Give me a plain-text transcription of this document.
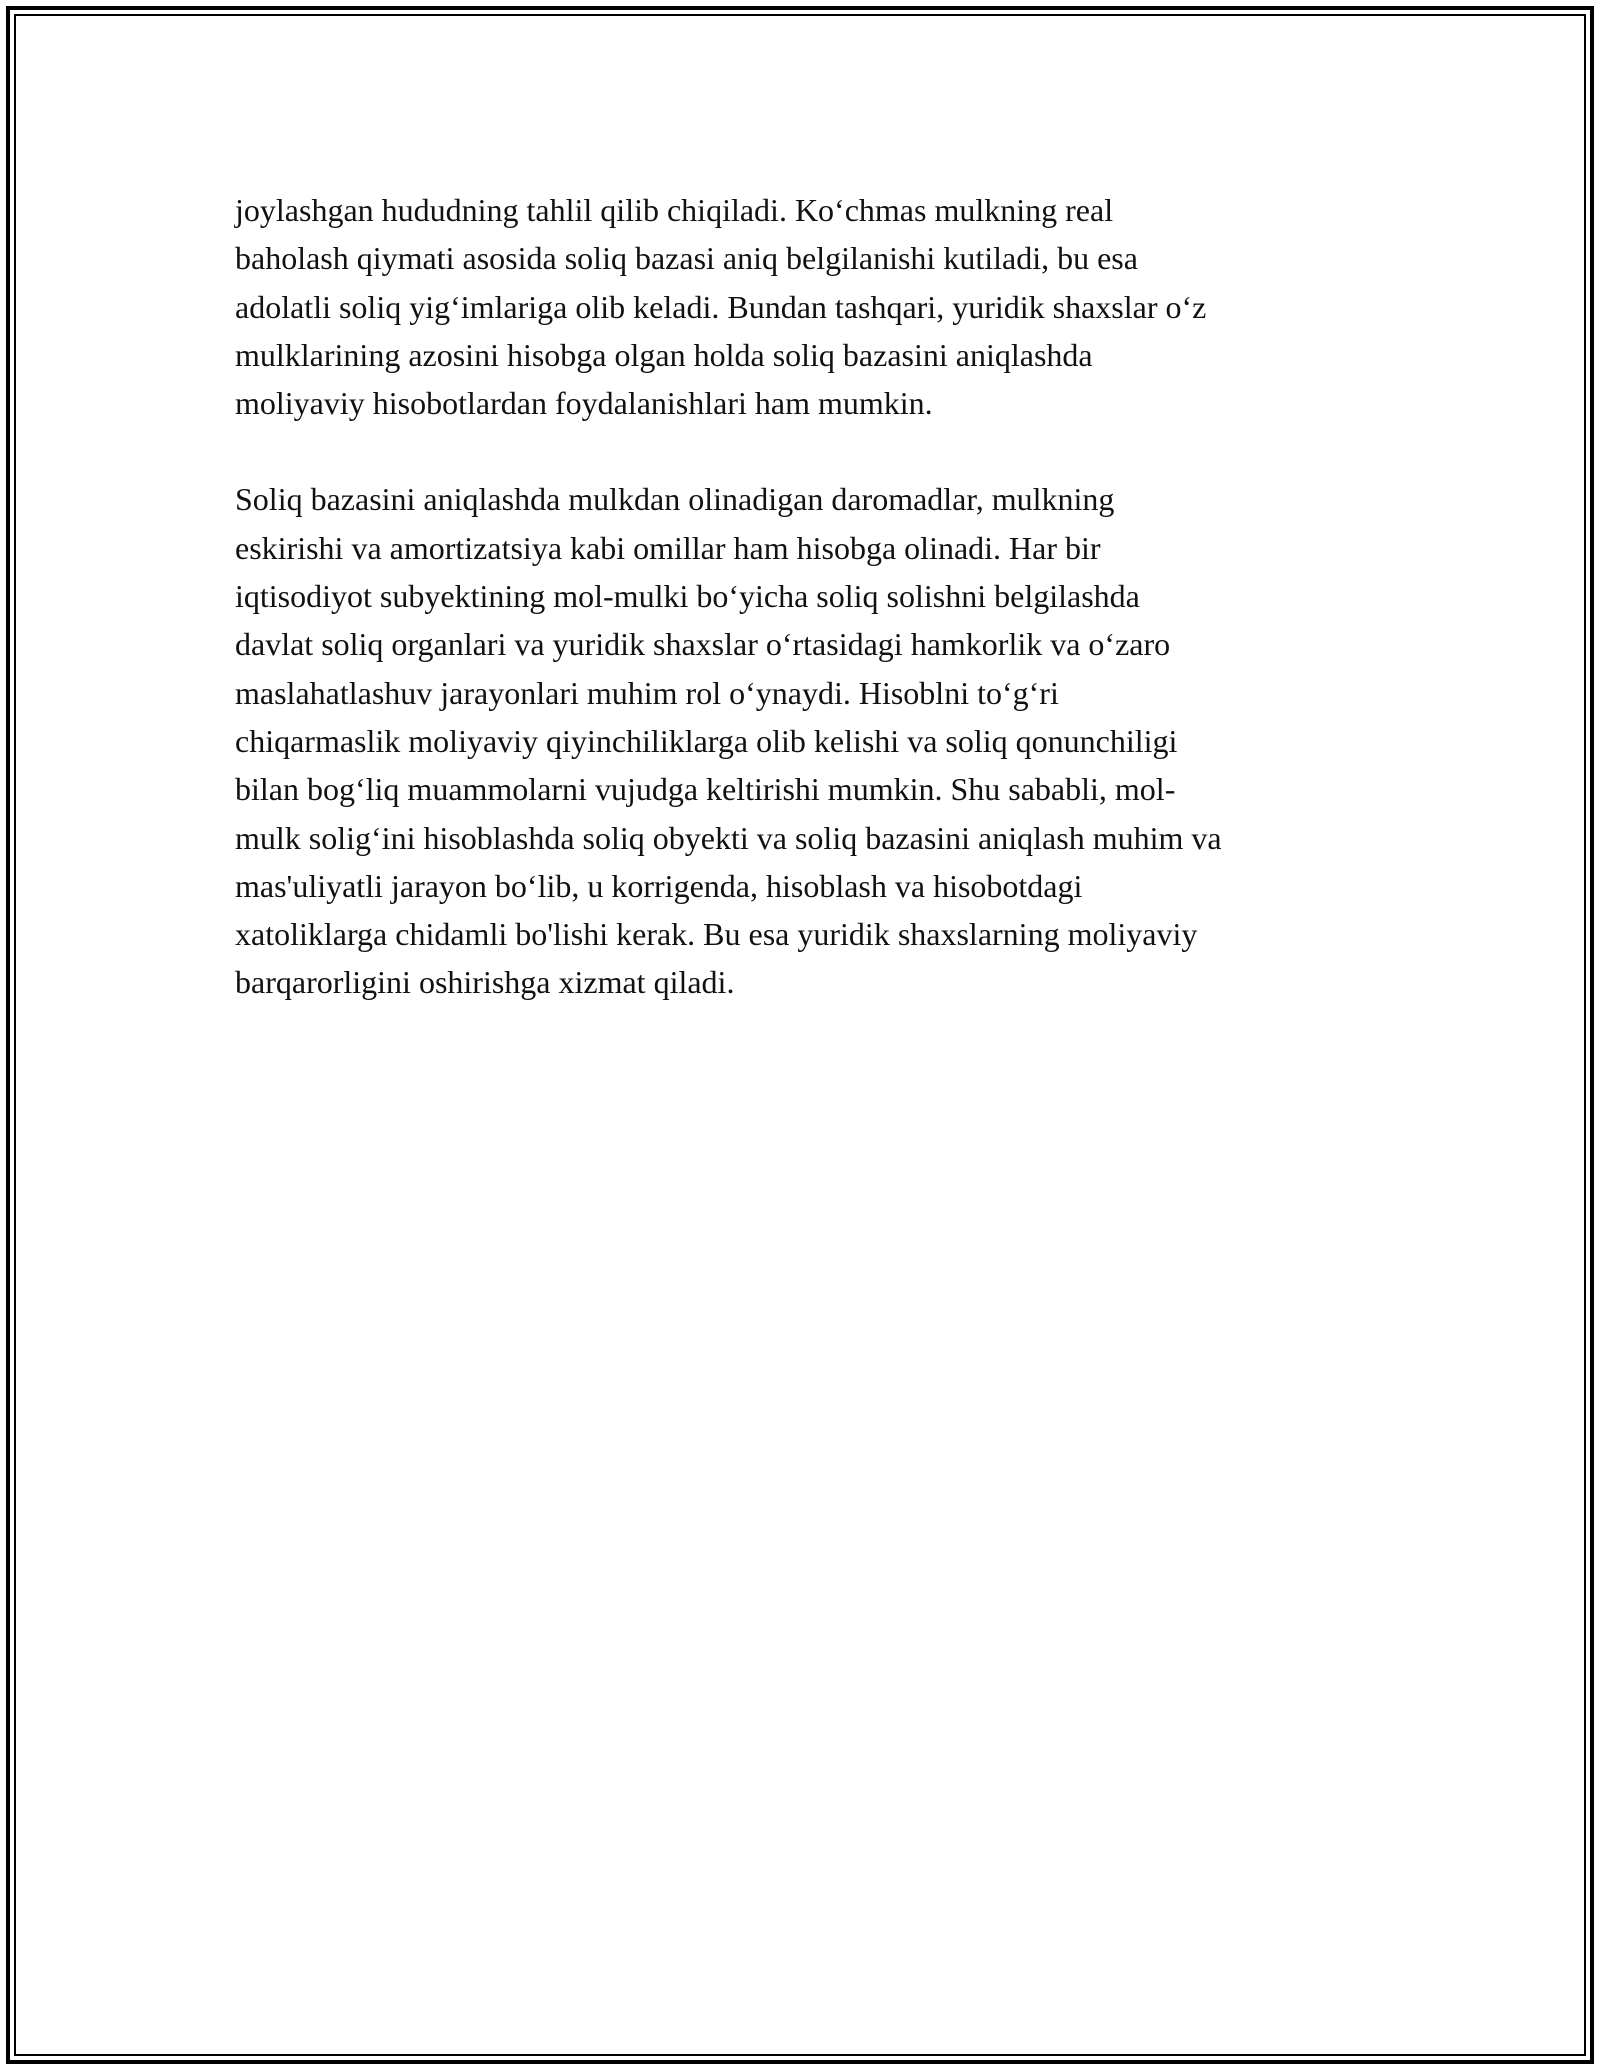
joylashgan hududning tahlil qilib chiqiladi. Ko‘chmas mulkning real
baholash qiymati asosida soliq bazasi aniq belgilanishi kutiladi, bu esa
adolatli soliq yig‘imlariga olib keladi. Bundan tashqari, yuridik shaxslar o‘z
mulklarining azosini hisobga olgan holda soliq bazasini aniqlashda
moliyaviy hisobotlardan foydalanishlari ham mumkin.

Soliq bazasini aniqlashda mulkdan olinadigan daromadlar, mulkning
eskirishi va amortizatsiya kabi omillar ham hisobga olinadi. Har bir
iqtisodiyot subyektining mol-mulki bo‘yicha soliq solishni belgilashda
davlat soliq organlari va yuridik shaxslar o‘rtasidagi hamkorlik va o‘zaro
maslahatlashuv jarayonlari muhim rol o‘ynaydi. Hisoblni to‘g‘ri
chiqarmaslik moliyaviy qiyinchiliklarga olib kelishi va soliq qonunchiligi
bilan bog‘liq muammolarni vujudga keltirishi mumkin. Shu sababli, mol-
mulk solig‘ini hisoblashda soliq obyekti va soliq bazasini aniqlash muhim va
mas'uliyatli jarayon bo‘lib, u korrigenda, hisoblash va hisobotdagi
xatoliklarga chidamli bo'lishi kerak. Bu esa yuridik shaxslarning moliyaviy
barqarorligini oshirishga xizmat qiladi.
